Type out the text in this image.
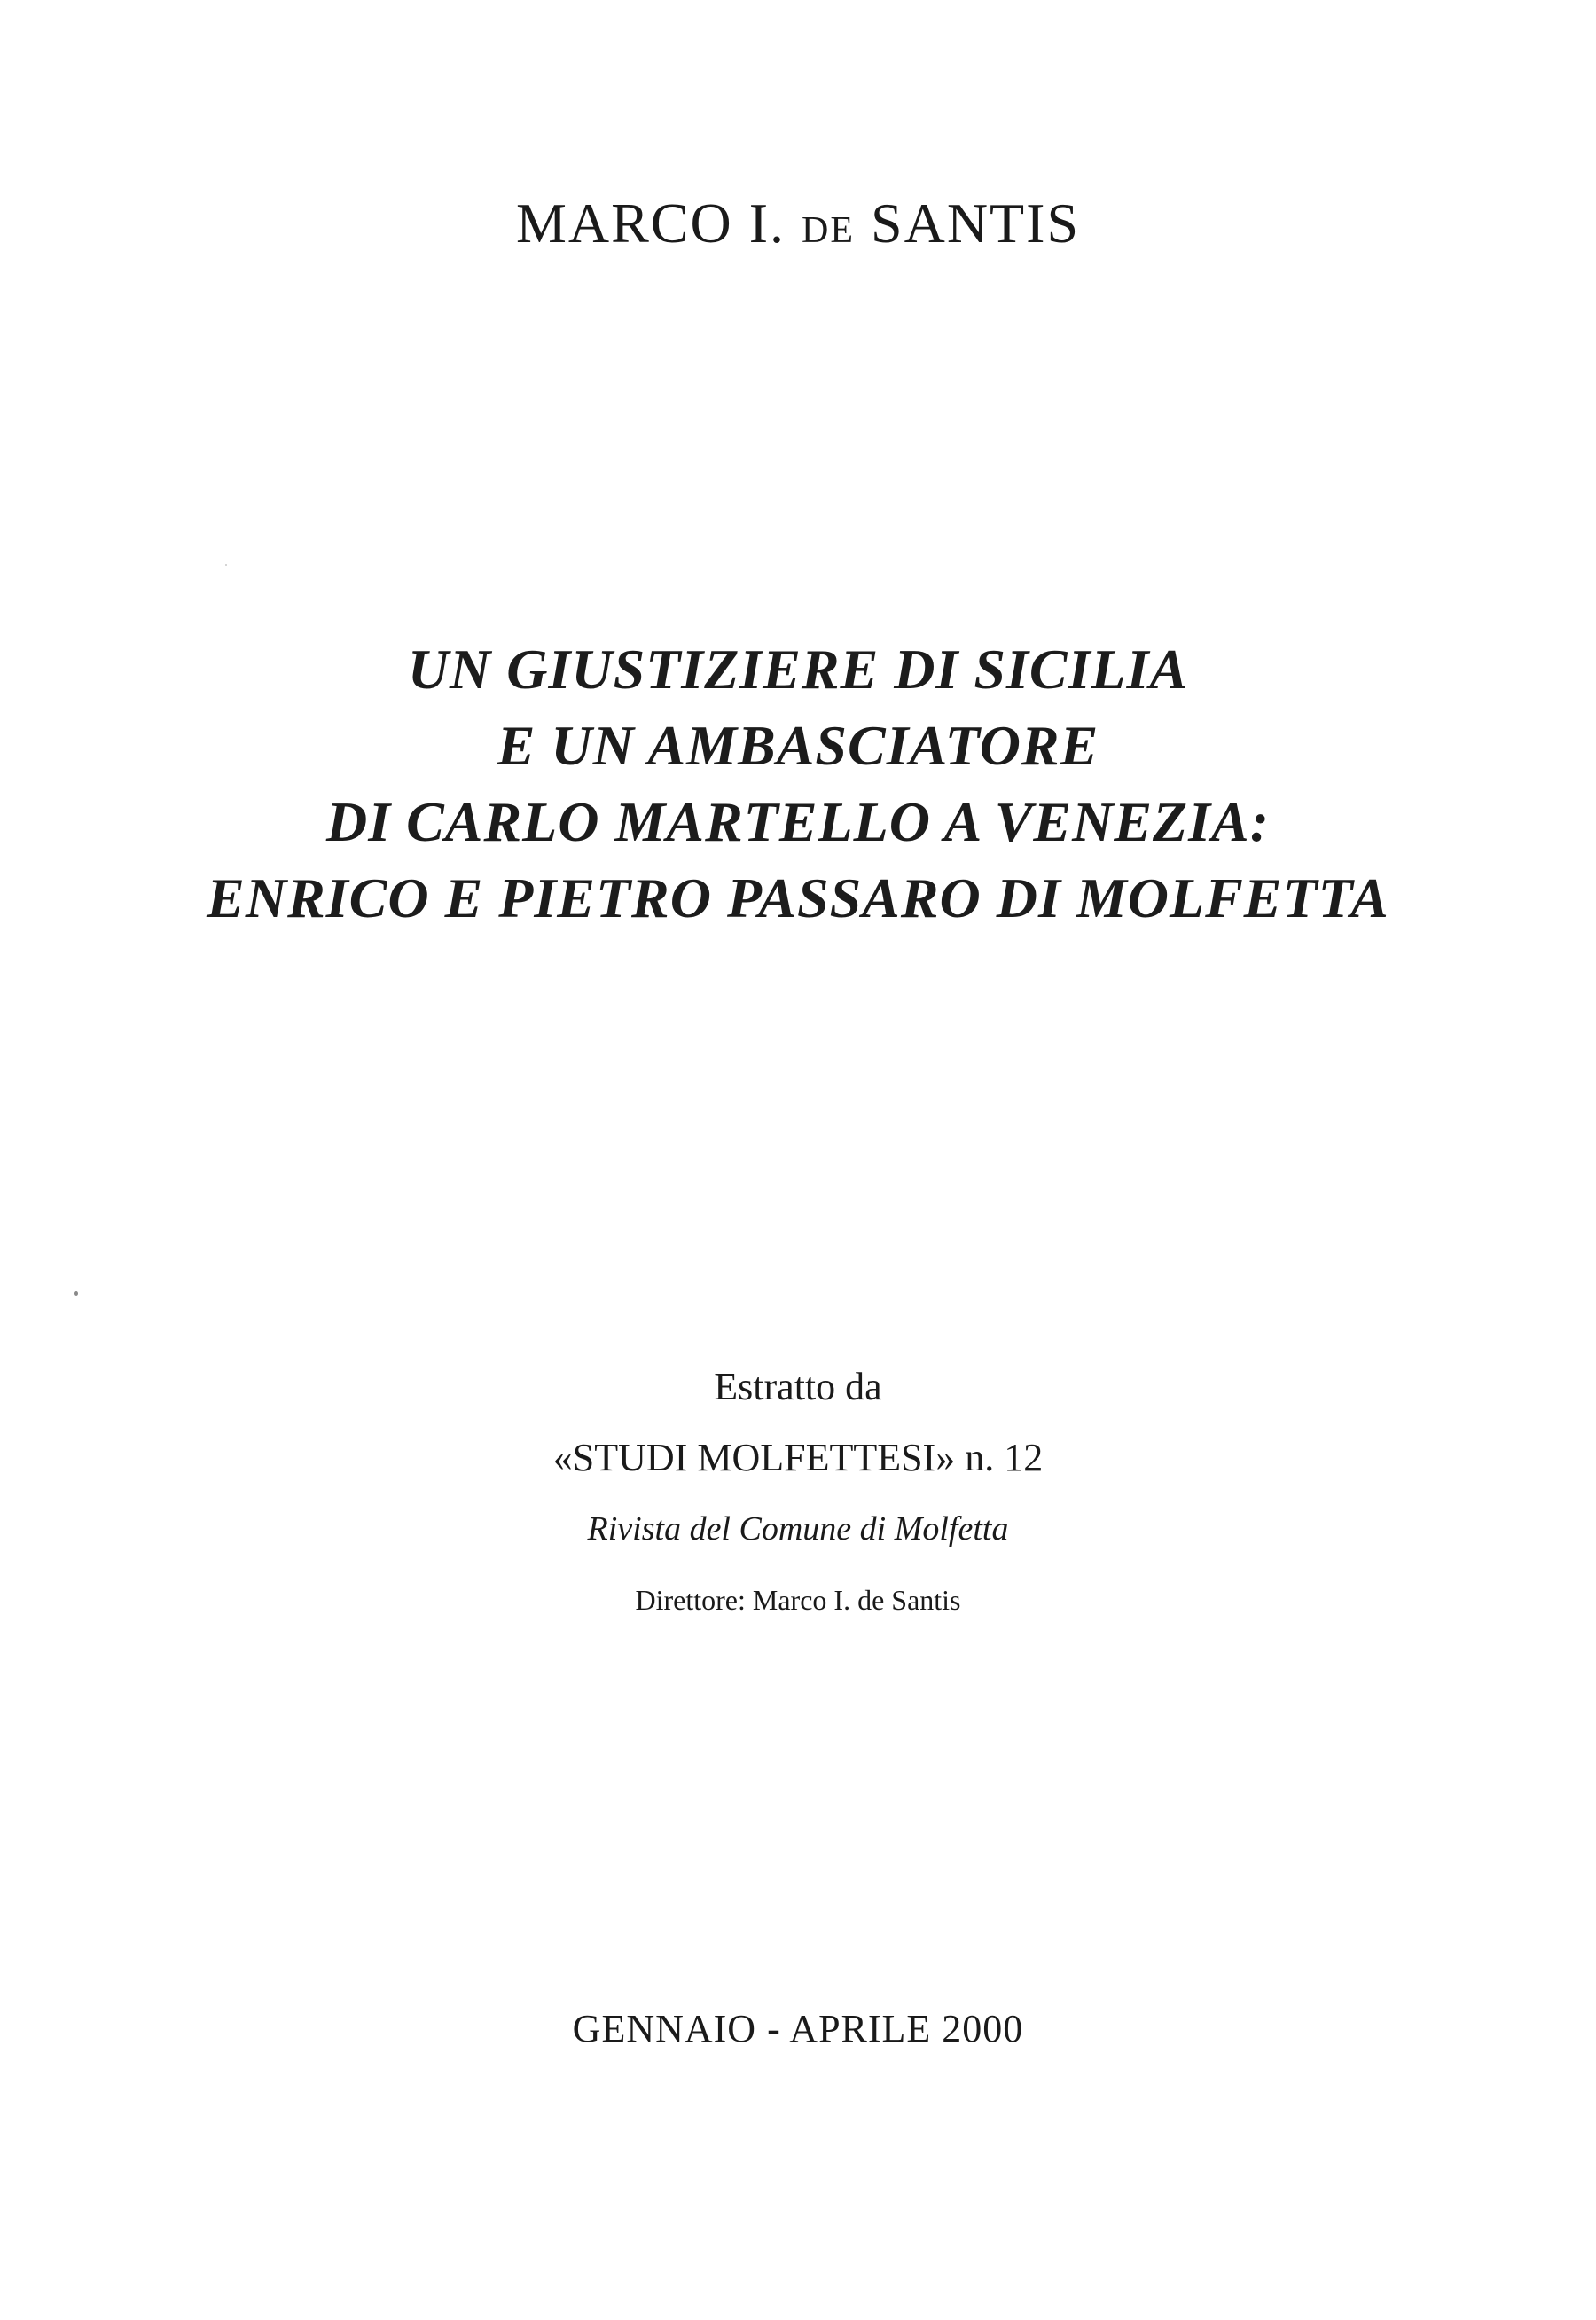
MARCO I. DE SANTIS
UN GIUSTIZIERE DI SICILIA
E UN AMBASCIATORE
DI CARLO MARTELLO A VENEZIA:
ENRICO E PIETRO PASSARO DI MOLFETTA

Estratto da

«STUDI MOLFETTESI» n. 12

Rivista del Comune di Molfetta

Direttore: Marco I. de Santis

GENNAIO - APRILE 2000
